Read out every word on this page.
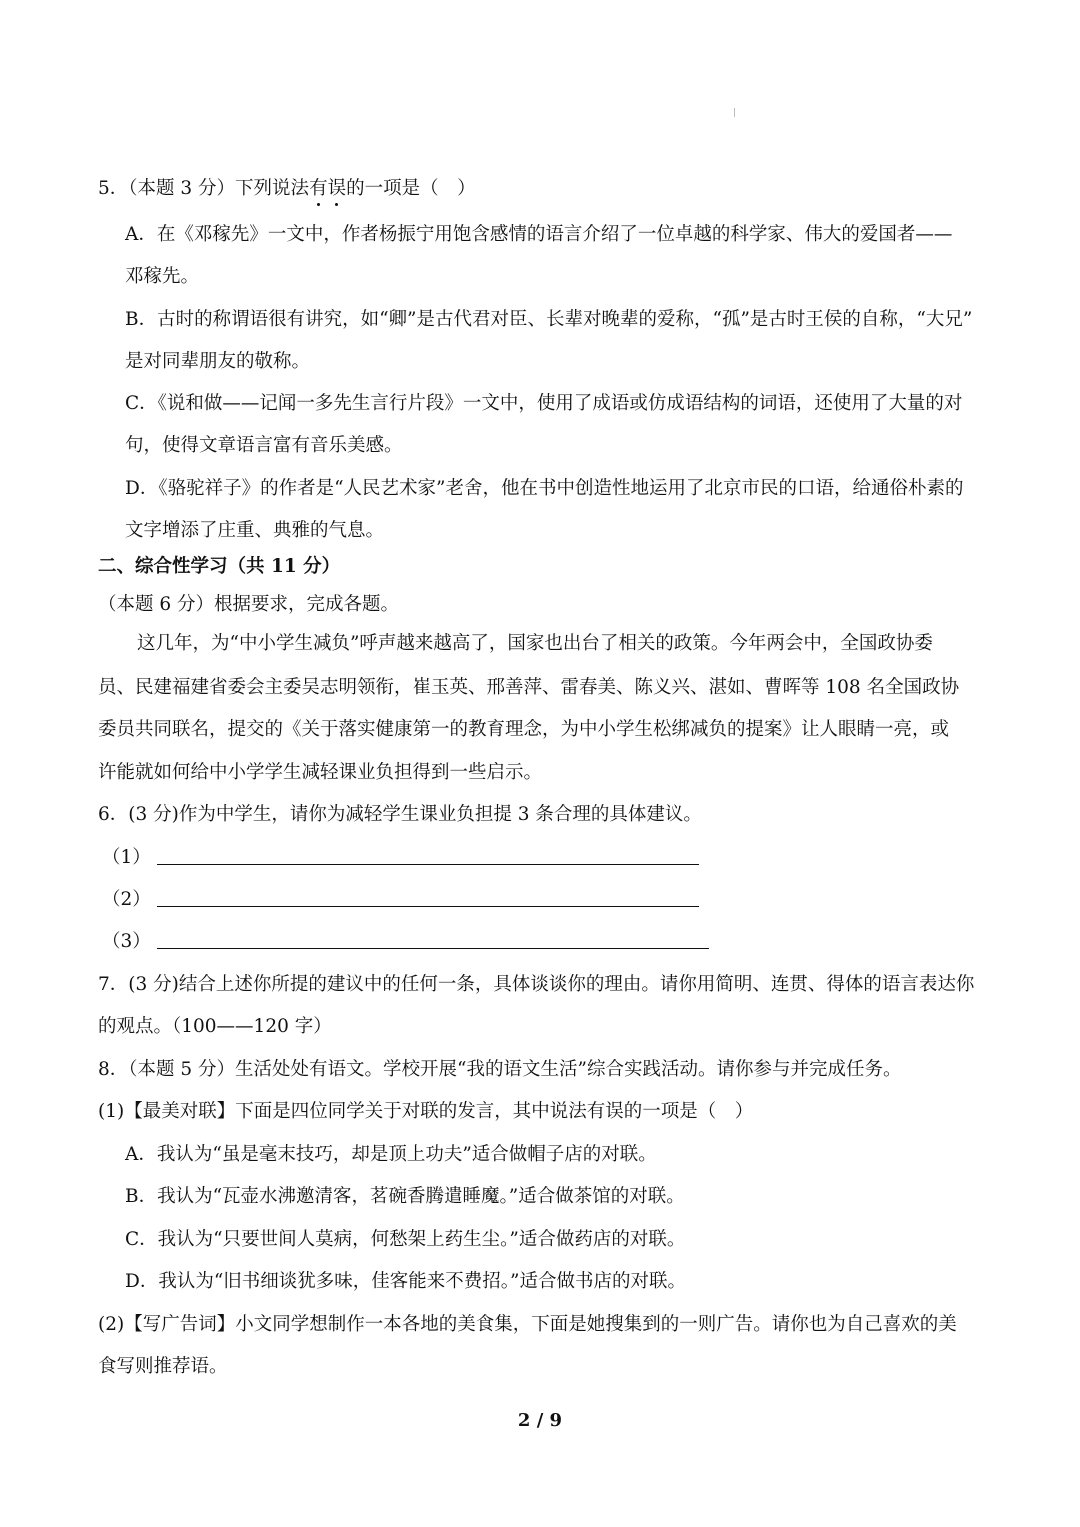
5．（本题 3 分）下列说法有误的一项是（　）
A．在《邓稼先》一文中，作者杨振宁用饱含感情的语言介绍了一位卓越的科学家、伟大的爱国者——
邓稼先。
B．古时的称谓语很有讲究，如“卿”是古代君对臣、长辈对晚辈的爱称，“孤”是古时王侯的自称，“大兄”
是对同辈朋友的敬称。
C．《说和做——记闻一多先生言行片段》一文中，使用了成语或仿成语结构的词语，还使用了大量的对
句，使得文章语言富有音乐美感。
D．《骆驼祥子》的作者是“人民艺术家”老舍，他在书中创造性地运用了北京市民的口语，给通俗朴素的
文字增添了庄重、典雅的气息。
二、综合性学习（共 11 分）
（本题 6 分）根据要求，完成各题。
这几年，为“中小学生减负”呼声越来越高了，国家也出台了相关的政策。今年两会中，全国政协委
员、民建福建省委会主委吴志明领衔，崔玉英、邢善萍、雷春美、陈义兴、湛如、曹晖等 108 名全国政协
委员共同联名，提交的《关于落实健康第一的教育理念，为中小学生松绑减负的提案》让人眼睛一亮，或
许能就如何给中小学学生减轻课业负担得到一些启示。
6．(3 分)作为中学生，请你为减轻学生课业负担提 3 条合理的具体建议。
（1）
（2）
（3）
7．(3 分)结合上述你所提的建议中的任何一条，具体谈谈你的理由。请你用简明、连贯、得体的语言表达你
的观点。（100——120 字）
8．（本题 5 分）生活处处有语文。学校开展“我的语文生活”综合实践活动。请你参与并完成任务。
(1)【最美对联】下面是四位同学关于对联的发言，其中说法有误的一项是（　）
A．我认为“虽是毫末技巧，却是顶上功夫”适合做帽子店的对联。
B．我认为“瓦壶水沸邀清客，茗碗香腾遣睡魔。”适合做茶馆的对联。
C．我认为“只要世间人莫病，何愁架上药生尘。”适合做药店的对联。
D．我认为“旧书细谈犹多味，佳客能来不费招。”适合做书店的对联。
(2)【写广告词】小文同学想制作一本各地的美食集，下面是她搜集到的一则广告。请你也为自己喜欢的美
食写则推荐语。
2 / 9
